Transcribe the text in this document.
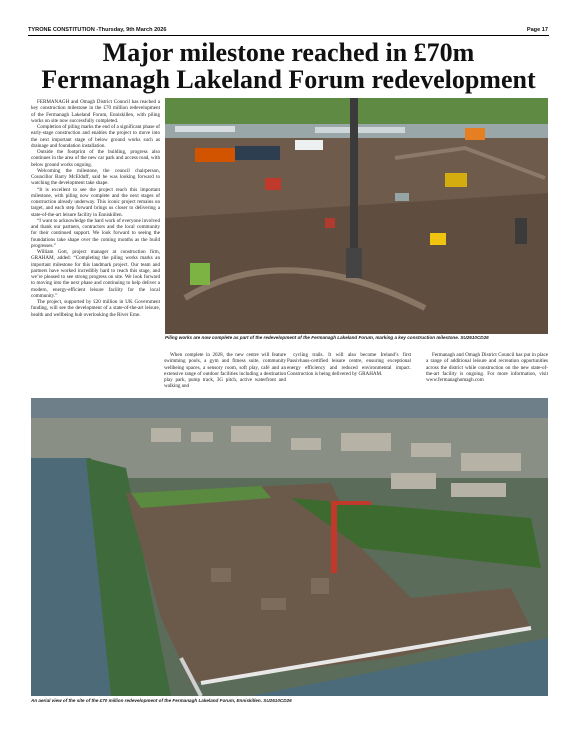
TYRONE CONSTITUTION -Thursday, 9th March 2026	Page 17
Major milestone reached in £70m
Fermanagh Lakeland Forum redevelopment

FERMANAGH and Omagh District Council has reached a key construction milestone in the £70 million redevelopment of the Fermanagh Lakeland Forum, Enniskillen, with piling works on site now successfully completed.

Completion of piling marks the end of a significant phase of early-stage construction and enables the project to move into the next important stage of below ground works such as drainage and foundation installation.

Outside the footprint of the building, progress also continues in the area of the new car park and access road, with below ground works ongoing.

Welcoming the milestone, the council chairperson, Councillor Barry McElduff, said he was looking forward to watching the development take shape.

“It is excellent to see the project reach this important milestone, with piling now complete and the next stages of construction already underway. This iconic project remains on target, and each step forward brings us closer to delivering a state-of-the-art leisure facility in Enniskillen.

“I want to acknowledge the hard work of everyone involved and thank our partners, contractors and the local community for their continued support. We look forward to seeing the foundations take shape over the coming months as the build progresses.”

William Gott, project manager at construction firm, GRAHAM, added: “Completing the piling works marks an important milestone for this landmark project. Our team and partners have worked incredibly hard to reach this stage, and we’re pleased to see strong progress on site. We look forward to moving into the next phase and continuing to help deliver a modern, energy-efficient leisure facility for the local community.”

The project, supported by £20 million in UK Government funding, will see the development of a state-of-the-art leisure, health and wellbeing hub overlooking the River Erne.

Piling works are now complete as part of the redevelopment of the Fermanagh Lakeland Forum, marking a key construction milestone. SU2610CD26

When complete in 2028, the new centre will feature swimming pools, a gym and fitness suite, community wellbeing spaces, a sensory room, soft play, café and an extensive range of outdoor facilities including a destination play park, pump track, 3G pitch, active waterfront and walking and

cycling trails. It will also become Ireland’s first Passivhaus-certified leisure centre, ensuring exceptional energy efficiency and reduced environmental impact. Construction is being delivered by GRAHAM.

Fermanagh and Omagh District Council has put in place a range of additional leisure and recreation opportunities across the district while construction on the new state-of-the-art facility is ongoing. For more information, visit www.fermanaghomagh.com

An aerial view of the site of the £70 million redevelopment of the Fermanagh Lakeland Forum, Enniskillen. SU2610CD26
